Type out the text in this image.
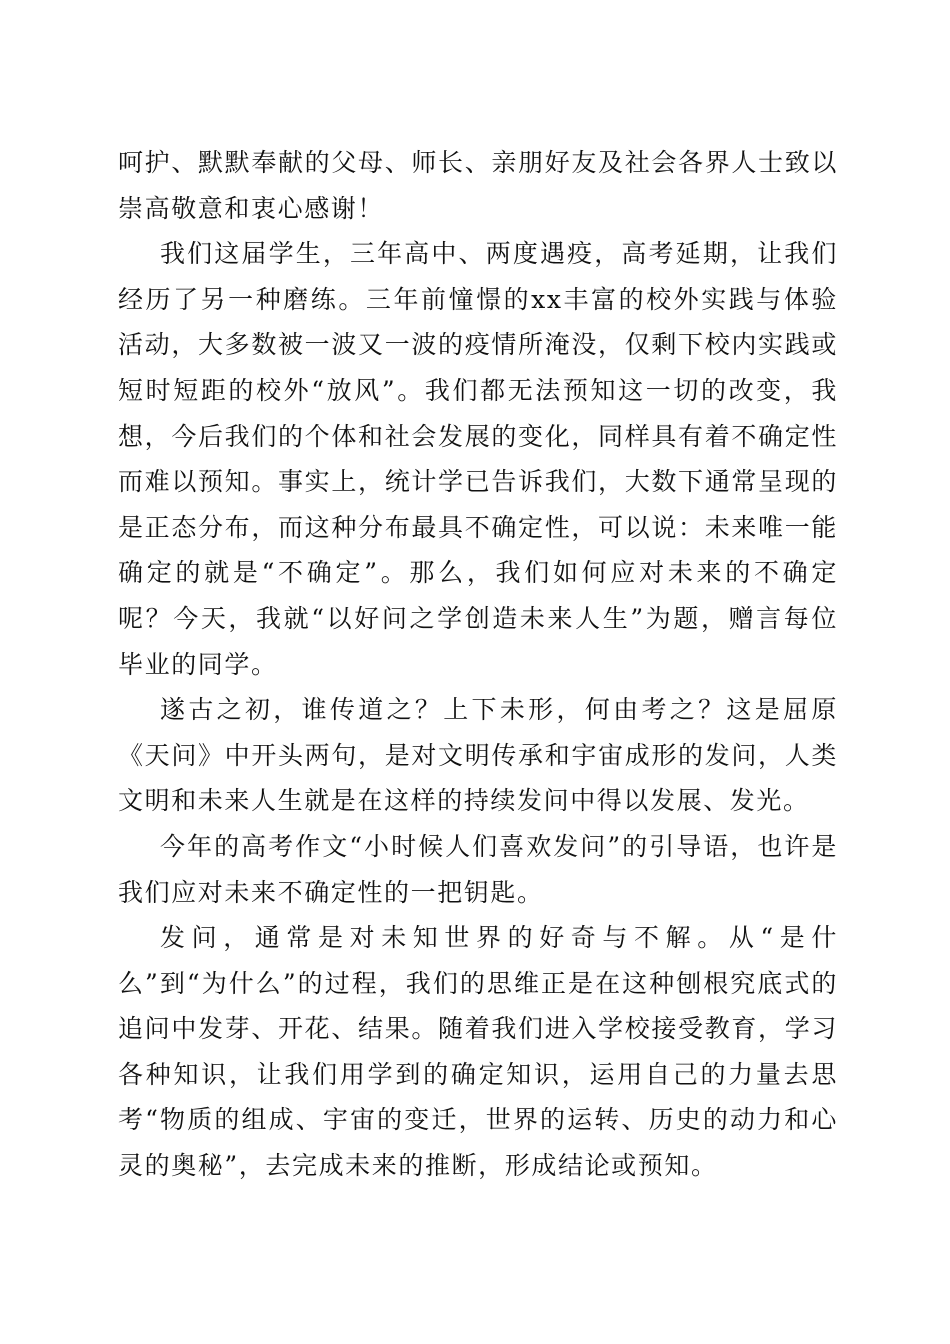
呵护、默默奉献的父母、师长、亲朋好友及社会各界人士致以崇高敬意和衷心感谢！

我们这届学生，三年高中、两度遇疫，高考延期，让我们经历了另一种磨练。三年前憧憬的xx丰富的校外实践与体验活动，大多数被一波又一波的疫情所淹没，仅剩下校内实践或短时短距的校外“放风”。我们都无法预知这一切的改变，我想，今后我们的个体和社会发展的变化，同样具有着不确定性而难以预知。事实上，统计学已告诉我们，大数下通常呈现的是正态分布，而这种分布最具不确定性，可以说：未来唯一能确定的就是“不确定”。那么，我们如何应对未来的不确定呢？今天，我就“以好问之学创造未来人生”为题，赠言每位毕业的同学。

遂古之初，谁传道之？上下未形，何由考之？这是屈原《天问》中开头两句，是对文明传承和宇宙成形的发问，人类文明和未来人生就是在这样的持续发问中得以发展、发光。

今年的高考作文“小时候人们喜欢发问”的引导语，也许是我们应对未来不确定性的一把钥匙。

发问，通常是对未知世界的好奇与不解。从“是什么”到“为什么”的过程，我们的思维正是在这种刨根究底式的追问中发芽、开花、结果。随着我们进入学校接受教育，学习各种知识，让我们用学到的确定知识，运用自己的力量去思考“物质的组成、宇宙的变迁，世界的运转、历史的动力和心灵的奥秘”，去完成未来的推断，形成结论或预知。
